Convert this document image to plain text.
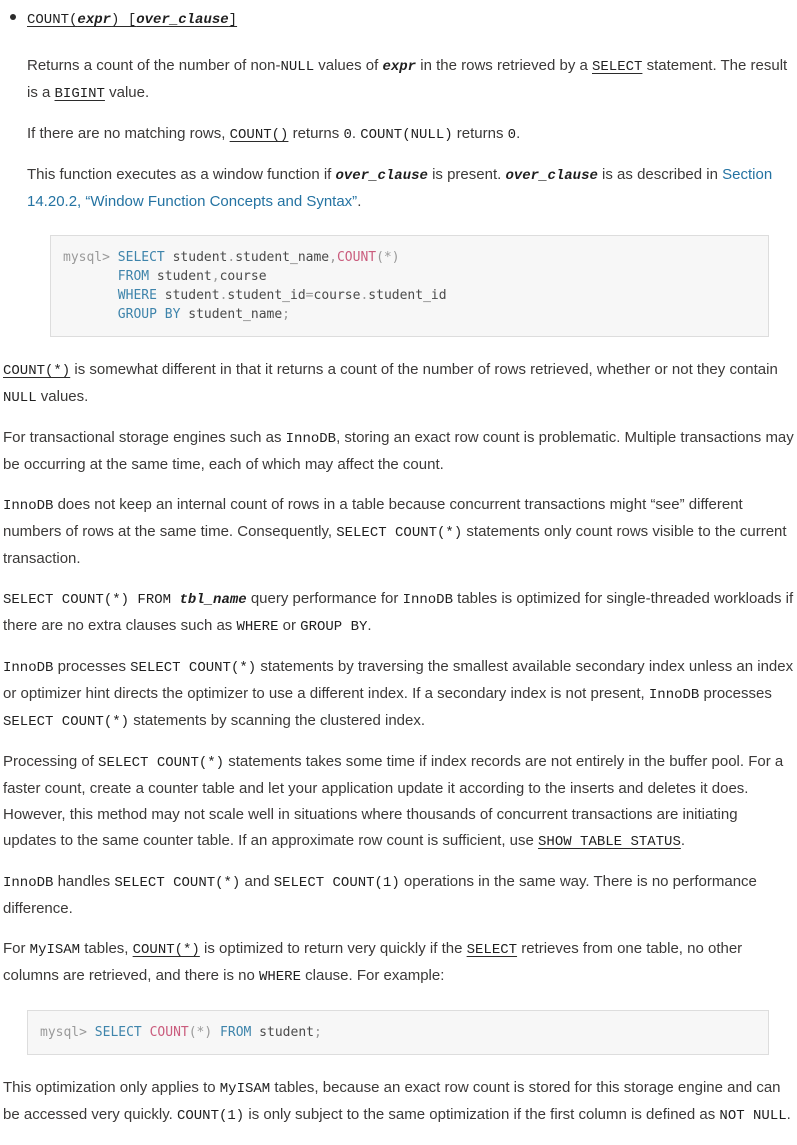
COUNT(expr) [over_clause]

Returns a count of the number of non-NULL values of expr in the rows retrieved by a SELECT statement. The result is a BIGINT value.

If there are no matching rows, COUNT() returns 0. COUNT(NULL) returns 0.

This function executes as a window function if over_clause is present. over_clause is as described in Section 14.20.2, “Window Function Concepts and Syntax”.

mysql> SELECT student.student_name,COUNT(*)
FROM student,course
WHERE student.student_id=course.student_id
GROUP BY student_name;

COUNT(*) is somewhat different in that it returns a count of the number of rows retrieved, whether or not they contain NULL values.

For transactional storage engines such as InnoDB, storing an exact row count is problematic. Multiple transactions may be occurring at the same time, each of which may affect the count.

InnoDB does not keep an internal count of rows in a table because concurrent transactions might “see” different numbers of rows at the same time. Consequently, SELECT COUNT(*) statements only count rows visible to the current transaction.

SELECT COUNT(*) FROM tbl_name query performance for InnoDB tables is optimized for single-threaded workloads if there are no extra clauses such as WHERE or GROUP BY.

InnoDB processes SELECT COUNT(*) statements by traversing the smallest available secondary index unless an index or optimizer hint directs the optimizer to use a different index. If a secondary index is not present, InnoDB processes SELECT COUNT(*) statements by scanning the clustered index.

Processing of SELECT COUNT(*) statements takes some time if index records are not entirely in the buffer pool. For a faster count, create a counter table and let your application update it according to the inserts and deletes it does. However, this method may not scale well in situations where thousands of concurrent transactions are initiating updates to the same counter table. If an approximate row count is sufficient, use SHOW TABLE STATUS.

InnoDB handles SELECT COUNT(*) and SELECT COUNT(1) operations in the same way. There is no performance difference.

For MyISAM tables, COUNT(*) is optimized to return very quickly if the SELECT retrieves from one table, no other columns are retrieved, and there is no WHERE clause. For example:

mysql> SELECT COUNT(*) FROM student;

This optimization only applies to MyISAM tables, because an exact row count is stored for this storage engine and can be accessed very quickly. COUNT(1) is only subject to the same optimization if the first column is defined as NOT NULL.
